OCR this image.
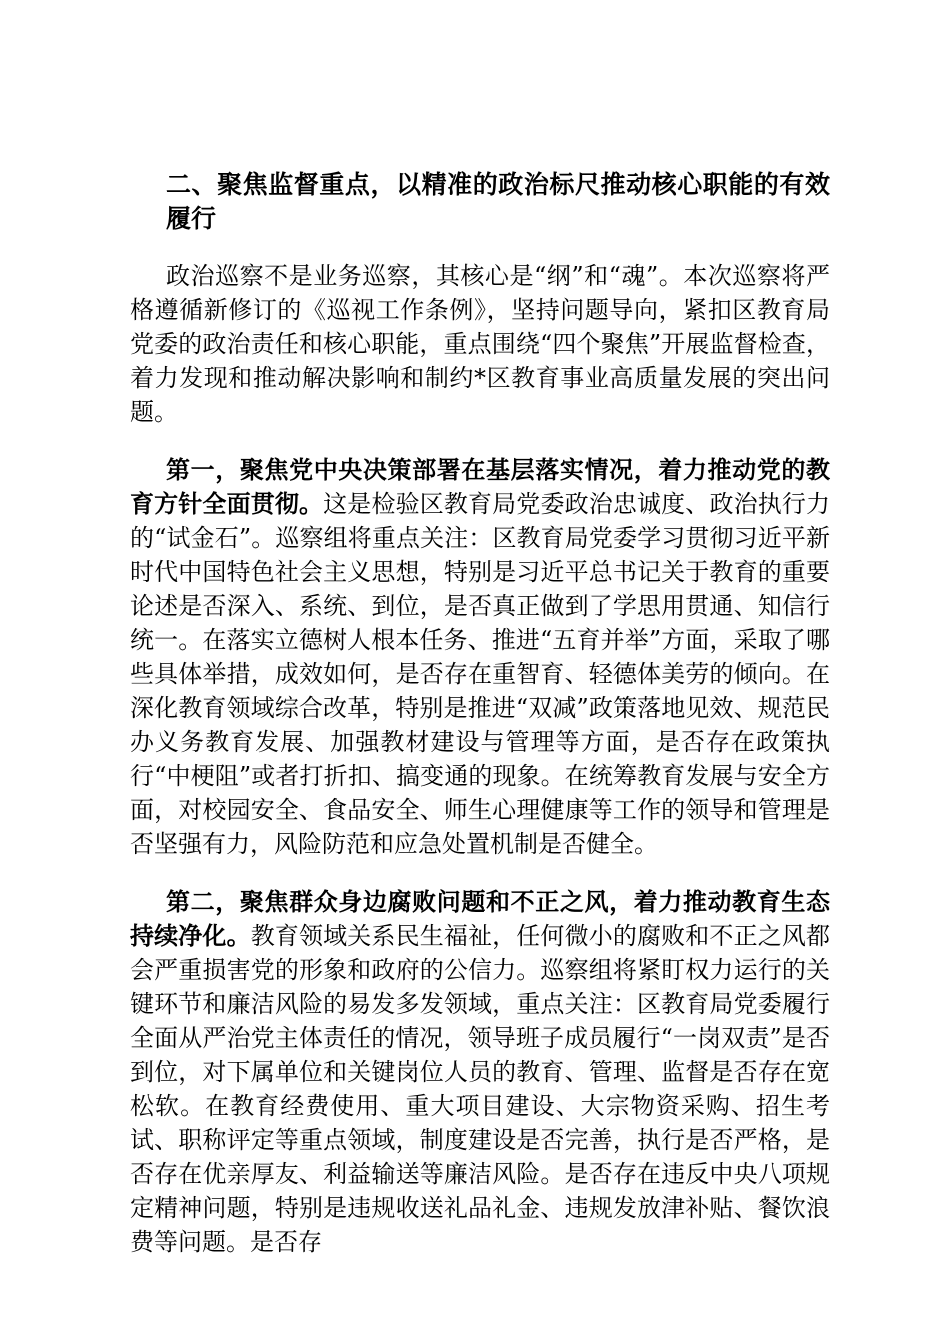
二、聚焦监督重点，以精准的政治标尺推动核心职能的有效履行

政治巡察不是业务巡察，其核心是“纲”和“魂”。本次巡察将严格遵循新修订的《巡视工作条例》，坚持问题导向，紧扣区教育局党委的政治责任和核心职能，重点围绕“四个聚焦”开展监督检查，着力发现和推动解决影响和制约*区教育事业高质量发展的突出问题。

第一，聚焦党中央决策部署在基层落实情况，着力推动党的教育方针全面贯彻。这是检验区教育局党委政治忠诚度、政治执行力的“试金石”。巡察组将重点关注：区教育局党委学习贯彻习近平新时代中国特色社会主义思想，特别是习近平总书记关于教育的重要论述是否深入、系统、到位，是否真正做到了学思用贯通、知信行统一。在落实立德树人根本任务、推进“五育并举”方面，采取了哪些具体举措，成效如何，是否存在重智育、轻德体美劳的倾向。在深化教育领域综合改革，特别是推进“双减”政策落地见效、规范民办义务教育发展、加强教材建设与管理等方面，是否存在政策执行“中梗阻”或者打折扣、搞变通的现象。在统筹教育发展与安全方面，对校园安全、食品安全、师生心理健康等工作的领导和管理是否坚强有力，风险防范和应急处置机制是否健全。

第二，聚焦群众身边腐败问题和不正之风，着力推动教育生态持续净化。教育领域关系民生福祉，任何微小的腐败和不正之风都会严重损害党的形象和政府的公信力。巡察组将紧盯权力运行的关键环节和廉洁风险的易发多发领域，重点关注：区教育局党委履行全面从严治党主体责任的情况，领导班子成员履行“一岗双责”是否到位，对下属单位和关键岗位人员的教育、管理、监督是否存在宽松软。在教育经费使用、重大项目建设、大宗物资采购、招生考试、职称评定等重点领域，制度建设是否完善，执行是否严格，是否存在优亲厚友、利益输送等廉洁风险。是否存在违反中央八项规定精神问题，特别是违规收送礼品礼金、违规发放津补贴、餐饮浪费等问题。是否存
